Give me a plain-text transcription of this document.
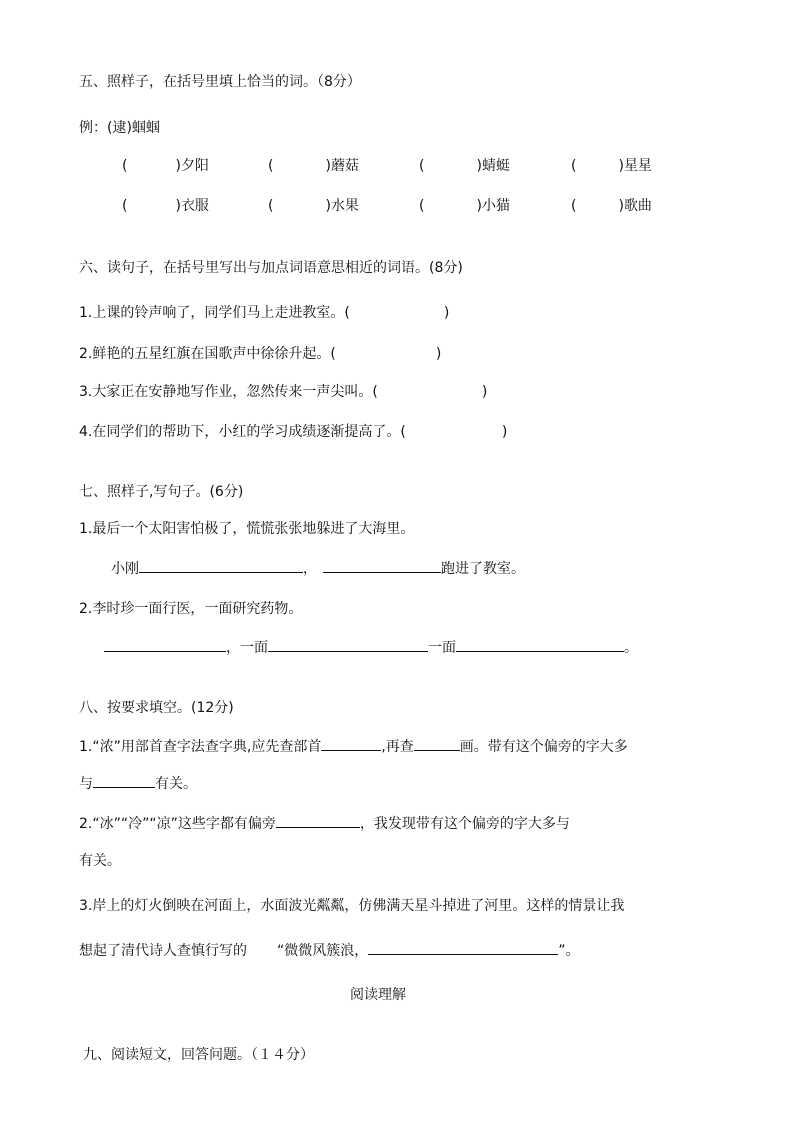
五、照样子，在括号里填上恰当的词。（8分）
例：(逮)蝈蝈
(	)夕阳	(	)蘑菇	(	)蜻蜓	(	)星星
(	)衣服	(	)水果	(	)小猫	(	)歌曲
六、读句子，在括号里写出与加点词语意思相近的词语。(8分)
1.上课的铃声响了，同学们马上走进教室。(	)
2.鲜艳的五星红旗在国歌声中徐徐升起。(	)
3.大家正在安静地写作业，忽然传来一声尖叫。(	)
4.在同学们的帮助下，小红的学习成绩逐渐提高了。(	)
七、照样子,写句子。(6分)
1.最后一个太阳害怕极了，慌慌张张地躲进了大海里。
小刚	，	跑进了教室。
2.李时珍一面行医，一面研究药物。
，一面	一面	。
八、按要求填空。(12分)
1.“浓”用部首查字法查字典,应先查部首	,再查	画。带有这个偏旁的字大多
与	有关。
2.“冰”“冷”“凉”这些字都有偏旁	，我发现带有这个偏旁的字大多与
有关。
3.岸上的灯火倒映在河面上，水面波光粼粼，仿佛满天星斗掉进了河里。这样的情景让我
想起了清代诗人查慎行写的 “微微风簇浪，	”。
阅读理解
九、阅读短文，回答问题。（１４分）
